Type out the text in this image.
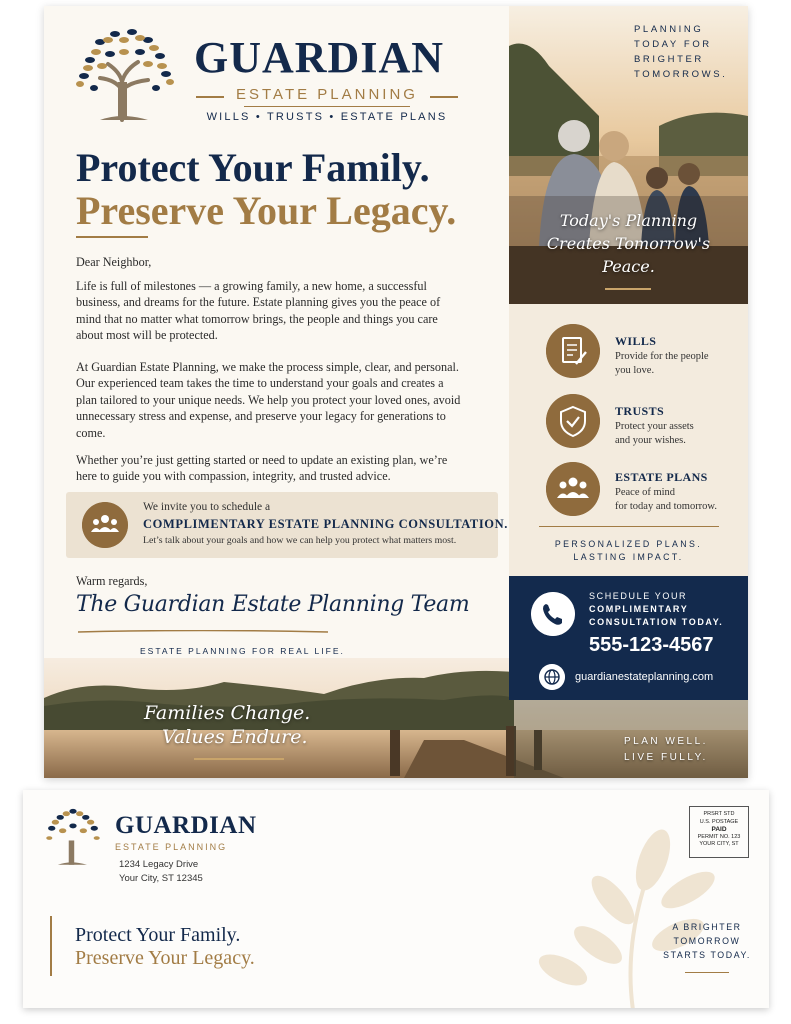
GUARDIAN
ESTATE PLANNING
WILLS • TRUSTS • ESTATE PLANS
Protect Your Family.
Preserve Your Legacy.

Dear Neighbor,

Life is full of milestones — a growing family, a new home, a successful business, and dreams for the future. Estate planning gives you the peace of mind that no matter what tomorrow brings, the people and things you care about most will be protected.

At Guardian Estate Planning, we make the process simple, clear, and personal. Our experienced team takes the time to understand your goals and creates a plan tailored to your unique needs. We help you protect your loved ones, avoid unnecessary stress and expense, and preserve your legacy for generations to come.

Whether you’re just getting started or need to update an existing plan, we’re here to guide you with compassion, integrity, and trusted advice.

We invite you to schedule a
COMPLIMENTARY ESTATE PLANNING CONSULTATION.
Let’s talk about your goals and how we can help you protect what matters most.
Warm regards,
The Guardian Estate Planning Team
ESTATE PLANNING FOR REAL LIFE.
Families Change.
Values Endure.	PLAN WELL.
LIVE FULLY.
PLANNING
TODAY FOR
BRIGHTER
TOMORROWS.
Today's Planning
Creates Tomorrow's
Peace.
WILLS
Provide for the people
you love.
TRUSTS
Protect your assets
and your wishes.
ESTATE PLANS
Peace of mind
for today and tomorrow.
PERSONALIZED PLANS.
LASTING IMPACT.
SCHEDULE YOUR
COMPLIMENTARY
CONSULTATION TODAY.
555-123-4567
guardianestateplanning.com
GUARDIAN
ESTATE PLANNING
1234 Legacy Drive
Your City, ST 12345
PRSRT STD
U.S. POSTAGE
PAID
PERMIT NO. 123
YOUR CITY, ST
Protect Your Family.
Preserve Your Legacy.
A BRIGHTER
TOMORROW
STARTS TODAY.
